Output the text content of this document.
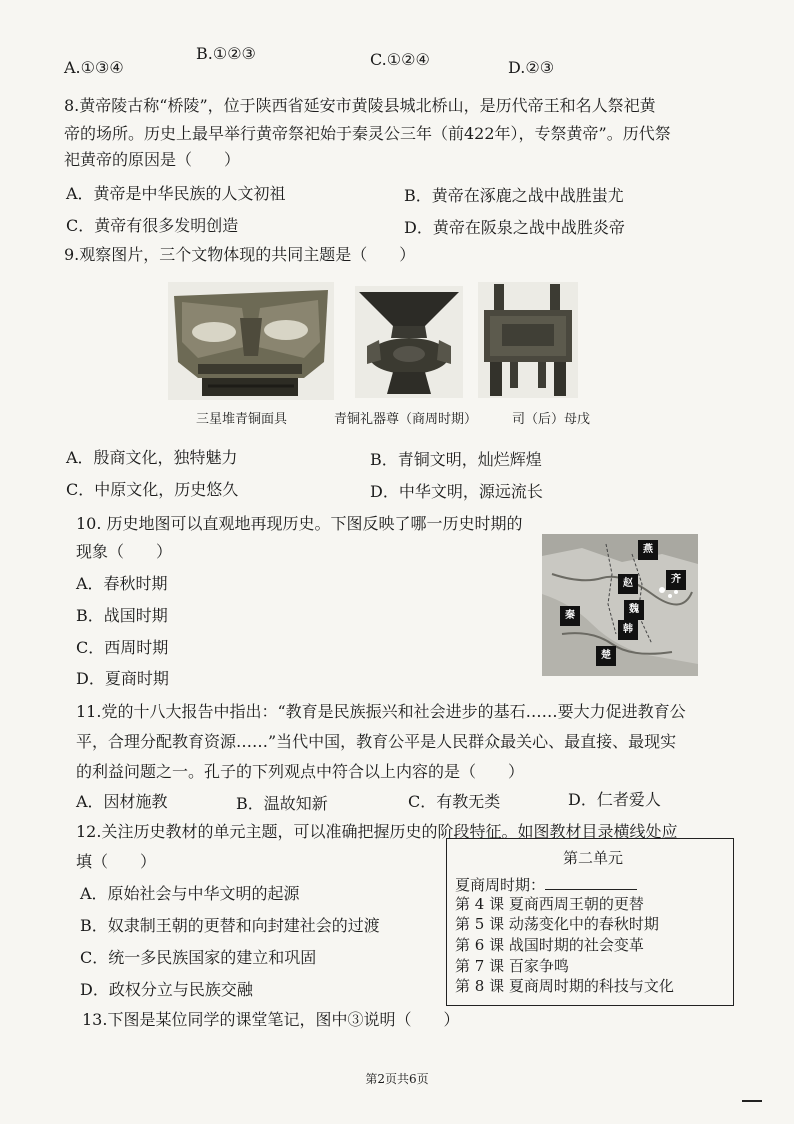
A.①③④
B.①②③	C.①②④	D.②③
8.黄帝陵古称“桥陵”，位于陕西省延安市黄陵县城北桥山，是历代帝王和名人祭祀黄
帝的场所。历史上最早举行黄帝祭祀始于秦灵公三年（前422年），专祭黄帝”。历代祭
祀黄帝的原因是（　　）
A．黄帝是中华民族的人文初祖	B．黄帝在涿鹿之战中战胜蚩尤
C．黄帝有很多发明创造	D．黄帝在阪泉之战中战胜炎帝
9.观察图片，三个文物体现的共同主题是（　　）
三星堆青铜面具	青铜礼器尊（商周时期）	司（后）母戊
A．殷商文化，独特魅力	B．青铜文明，灿烂辉煌
C．中原文化，历史悠久	D．中华文明，源远流长
10. 历史地图可以直观地再现历史。下图反映了哪一历史时期的
现象（　　）
A．春秋时期
B．战国时期
C．西周时期
D．夏商时期
燕
齐
赵
魏
秦
韩
楚
11.党的十八大报告中指出：“教育是民族振兴和社会进步的基石……要大力促进教育公
平，合理分配教育资源……”当代中国，教育公平是人民群众最关心、最直接、最现实
的利益问题之一。孔子的下列观点中符合以上内容的是（　　）
A．因材施教	B．温故知新	C．有教无类	D．仁者爱人
12.关注历史教材的单元主题，可以准确把握历史的阶段特征。如图教材目录横线处应
填（　　）
A．原始社会与中华文明的起源
B．奴隶制王朝的更替和向封建社会的过渡
C．统一多民族国家的建立和巩固
D．政权分立与民族交融
第二单元
夏商周时期：
第 4 课 夏商西周王朝的更替
第 5 课 动荡变化中的春秋时期
第 6 课 战国时期的社会变革
第 7 课 百家争鸣
第 8 课 夏商周时期的科技与文化
13.下图是某位同学的课堂笔记，图中③说明（　　）
第2页共6页
